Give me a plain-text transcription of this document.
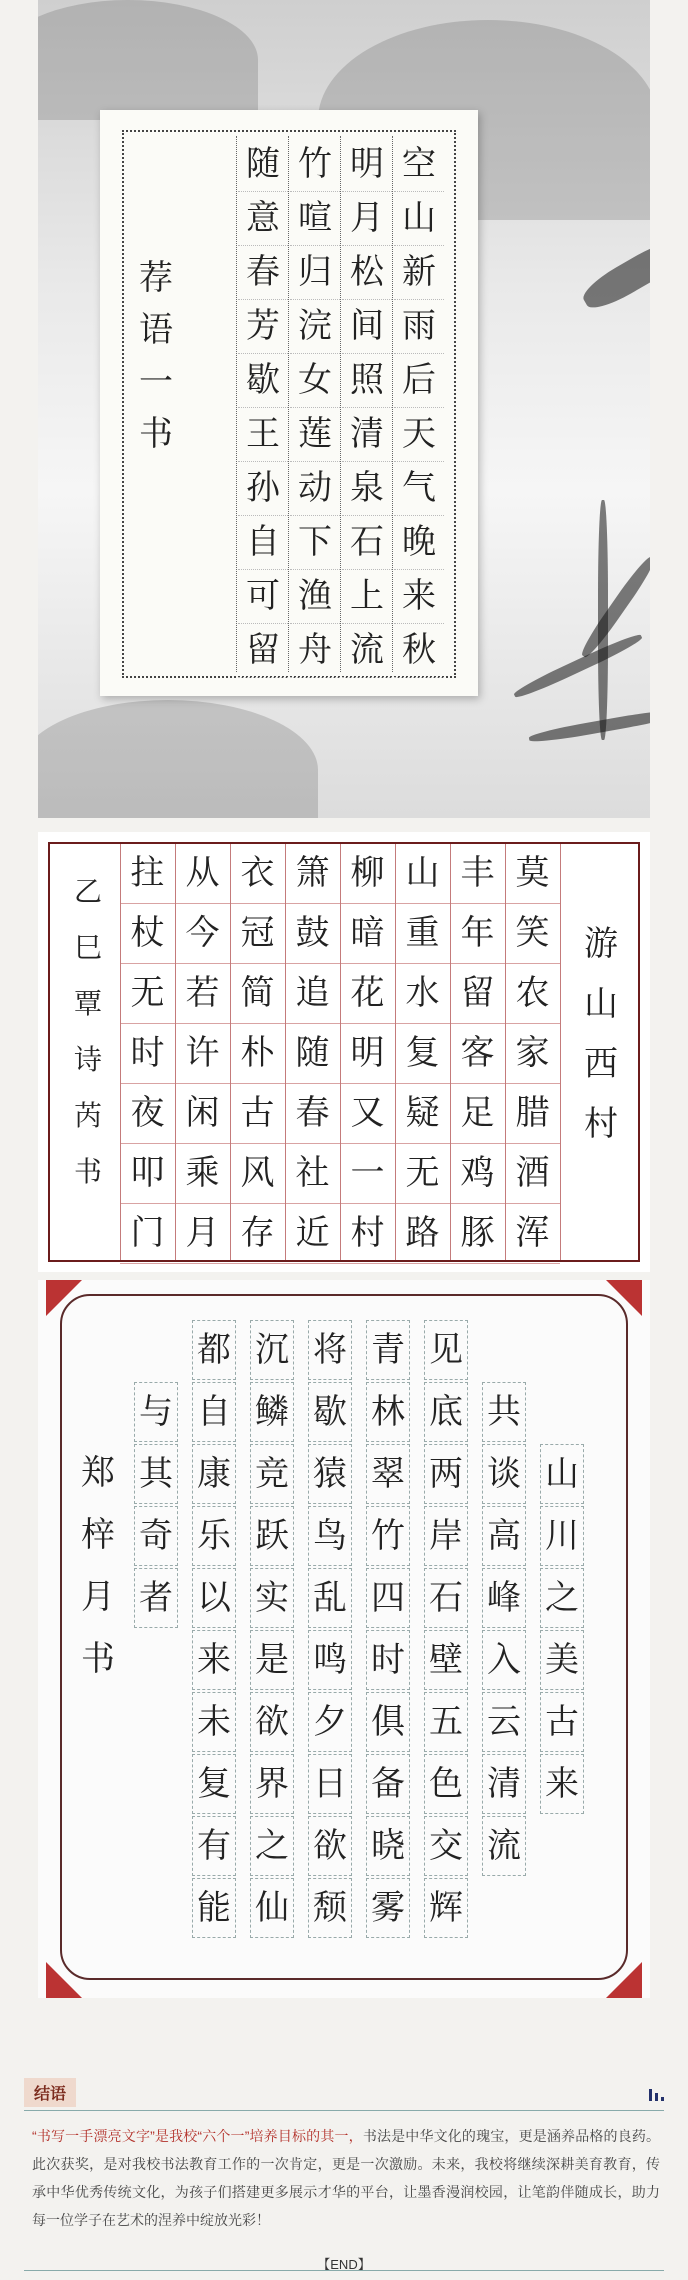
荐
语
一
书
空
山
新
雨
后
天
气
晚
来
秋
明
月
松
间
照
清
泉
石
上
流
竹
喧
归
浣
女
莲
动
下
渔
舟
随
意
春
芳
歇
王
孙
自
可
留
乙
巳
覃
诗
芮
书
莫
笑
农
家
腊
酒
浑
丰
年
留
客
足
鸡
豚
山
重
水
复
疑
无
路
柳
暗
花
明
又
一
村
箫
鼓
追
随
春
社
近
衣
冠
简
朴
古
风
存
从
今
若
许
闲
乘
月
拄
杖
无
时
夜
叩
门
游
山
西
村
山
川
之
美
古
来
共
谈
高
峰
入
云
清
流
见
底
两
岸
石
壁
五
色
交
辉
青
林
翠
竹
四
时
俱
备
晓
雾
将
歇
猿
鸟
乱
鸣
夕
日
欲
颓
沉
鳞
竞
跃
实
是
欲
界
之
仙
都
自
康
乐
以
来
未
复
有
能
与
其
奇
者
郑
梓
月
书
结语
“书写一手漂亮文字”是我校“六个一”培养目标的其一，书法是中华文化的瑰宝，更是涵养品格的良药。此次获奖，是对我校书法教育工作的一次肯定，更是一次激励。未来，我校将继续深耕美育教育，传承中华优秀传统文化，为孩子们搭建更多展示才华的平台，让墨香漫润校园，让笔韵伴随成长，助力每一位学子在艺术的涅养中绽放光彩！
【END】
